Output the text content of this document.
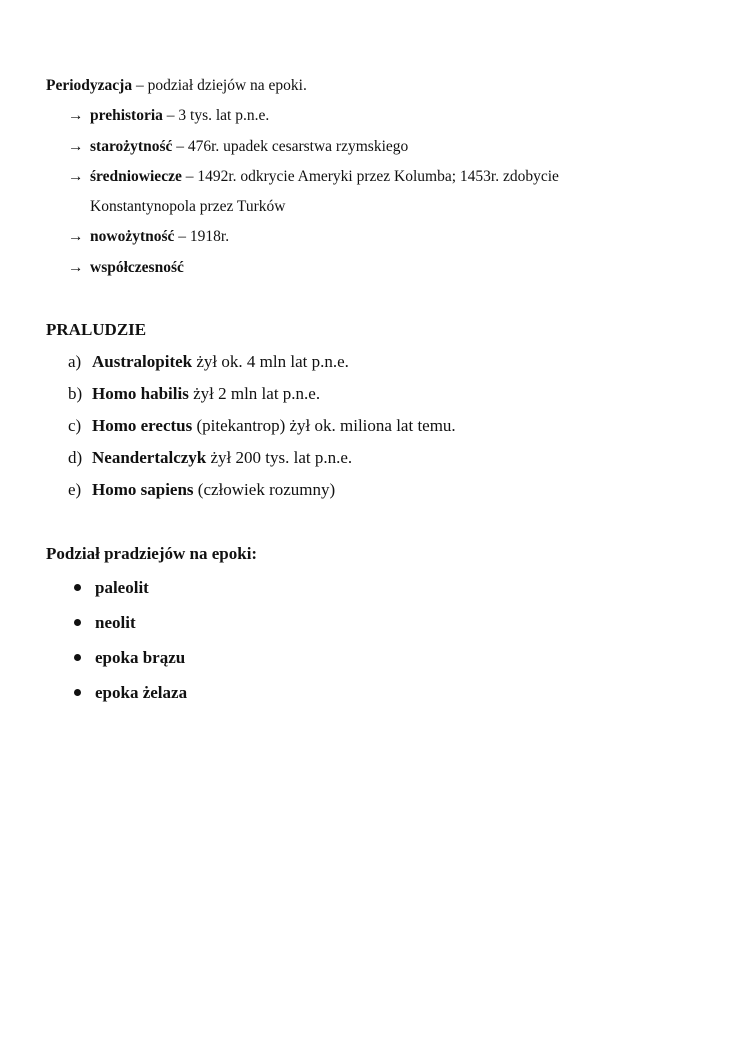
Periodyzacja – podział dziejów na epoki.
→ prehistoria – 3 tys. lat p.n.e.
→ starożytność – 476r. upadek cesarstwa rzymskiego
→ średniowiecze – 1492r. odkrycie Ameryki przez Kolumba; 1453r. zdobycie
Konstantynopola przez Turków
→ nowożytność – 1918r.
→ współczesność
PRALUDZIE
a) Australopitek żył ok. 4 mln lat p.n.e.
b) Homo habilis żył 2 mln lat p.n.e.
c) Homo erectus (pitekantrop) żył ok. miliona lat temu.
d) Neandertalczyk żył 200 tys. lat p.n.e.
e) Homo sapiens (człowiek rozumny)
Podział pradziejów na epoki:
paleolit
neolit
epoka brązu
epoka żelaza
